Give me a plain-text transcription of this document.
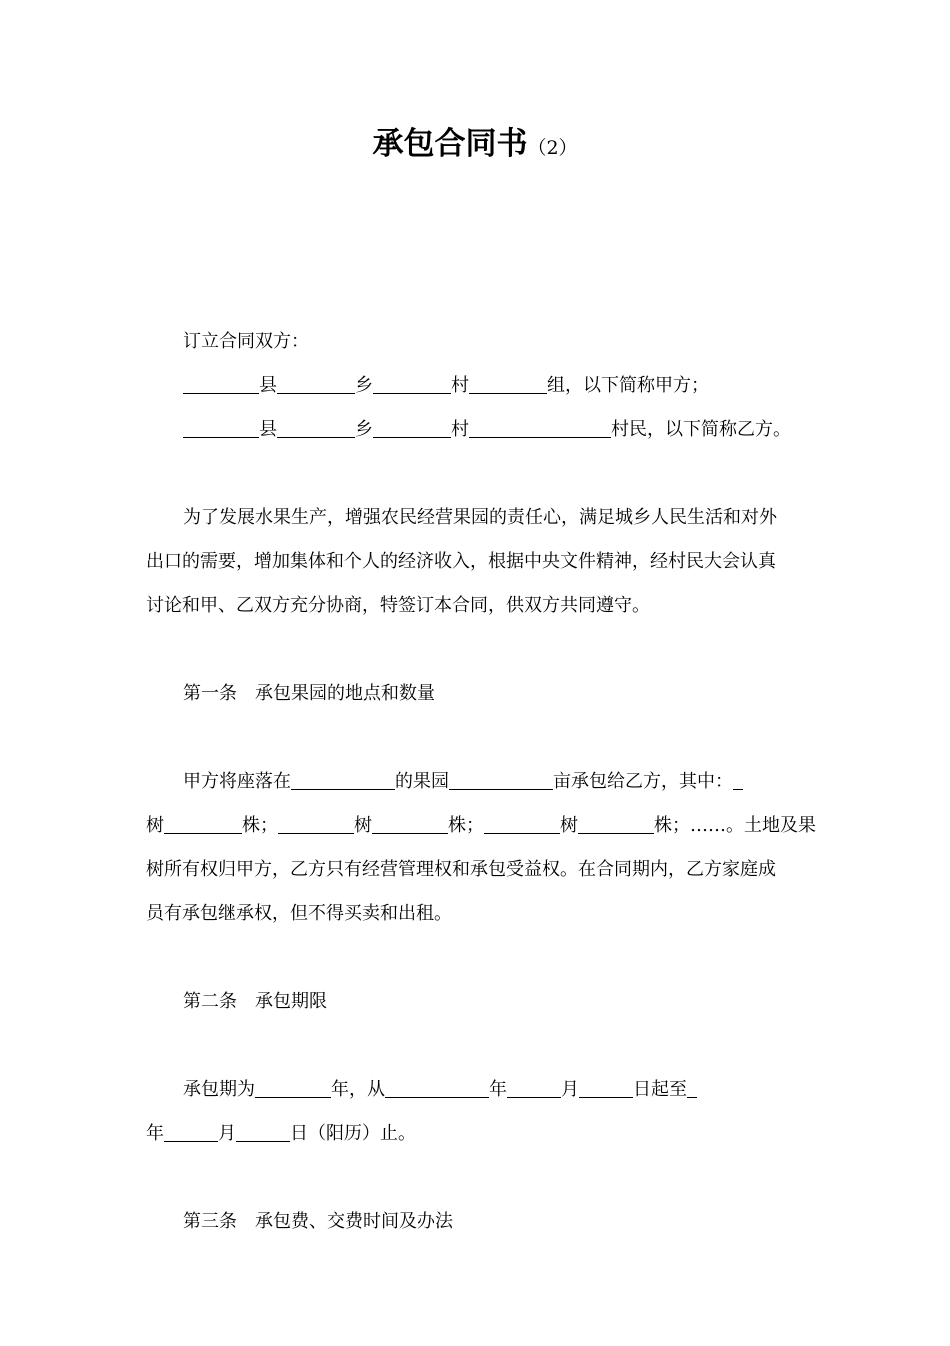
承包合同书（2）
订立合同双方：
县	乡	村	组，以下简称甲方；
县	乡	村	村民，以下简称乙方。
为了发展水果生产，增强农民经营果园的责任心，满足城乡人民生活和对外
出口的需要，增加集体和个人的经济收入，根据中央文件精神，经村民大会认真
讨论和甲、乙双方充分协商，特签订本合同，供双方共同遵守。
第一条　承包果园的地点和数量
甲方将座落在	的果园	亩承包给乙方，其中：
树	株；	树	株；	树	株；……。土地及果
树所有权归甲方，乙方只有经营管理权和承包受益权。在合同期内，乙方家庭成
员有承包继承权，但不得买卖和出租。
第二条　承包期限
承包期为	年，从	年	月	日起至
年	月	日（阳历）止。
第三条　承包费、交费时间及办法
